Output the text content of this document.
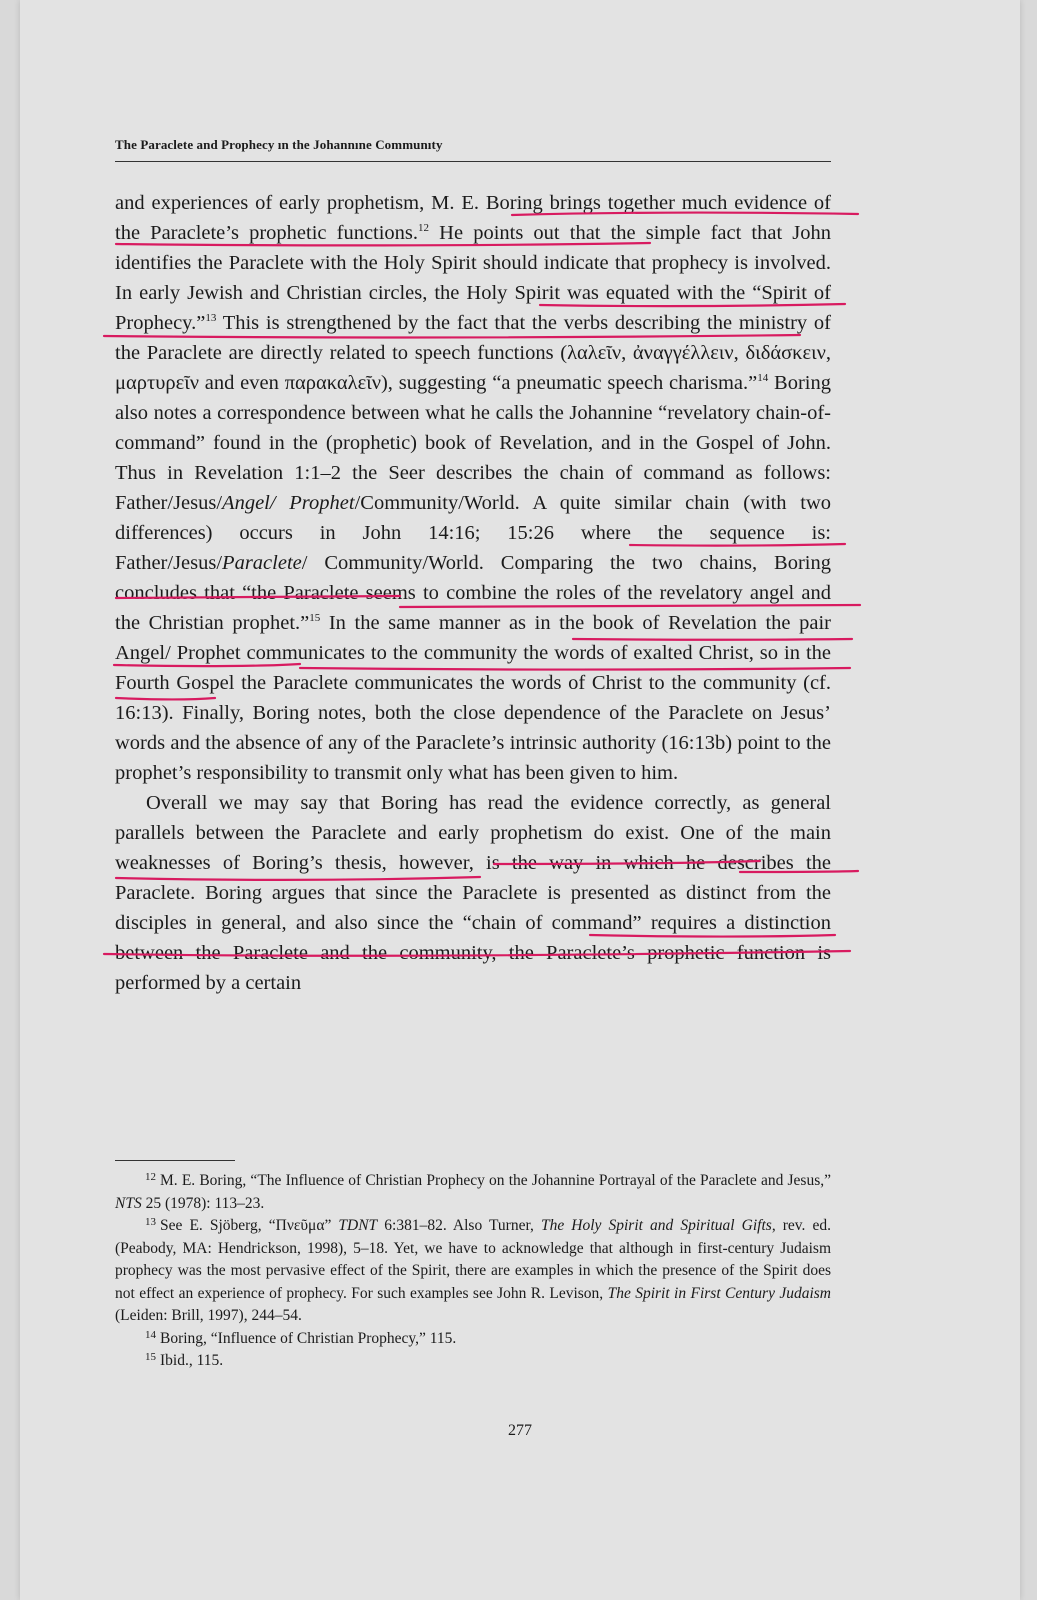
The Paraclete and Prophecy ın the Johannıne Communıty

and experiences of early prophetism, M. E. Boring brings together much evidence of the Paraclete’s prophetic functions.$^{12}$ He points out that the simple fact that John identifies the Paraclete with the Holy Spirit should indicate that prophecy is involved. In early Jewish and Christian circles, the Holy Spirit was equated with the “Spirit of Prophecy.”$^{13}$ This is strengthened by the fact that the verbs describing the ministry of the Paraclete are directly related to speech functions (λαλεῖν, ἀναγγέλλειν, διδάσκειν, μαρτυρεῖν and even παρακαλεῖν), suggesting “a pneumatic speech charisma.”$^{14}$ Boring also notes a correspondence between what he calls the Johannine “revelatory chain-of-command” found in the (prophetic) book of Revelation, and in the Gospel of John. Thus in Revelation 1:1–2 the Seer describes the chain of command as follows: Father/Jesus/Angel/ Prophet/Community/World. A quite similar chain (with two differences) occurs in John 14:16; 15:26 where the sequence is: Father/Jesus/Paraclete/ Community/World. Comparing the two chains, Boring concludes that “the Paraclete seems to combine the roles of the revelatory angel and the Christian prophet.”$^{15}$ In the same manner as in the book of Revelation the pair Angel/ Prophet communicates to the community the words of exalted Christ, so in the Fourth Gospel the Paraclete communicates the words of Christ to the community (cf. 16:13). Finally, Boring notes, both the close dependence of the Paraclete on Jesus’ words and the absence of any of the Paraclete’s intrinsic authority (16:13b) point to the prophet’s responsibility to transmit only what has been given to him.

Overall we may say that Boring has read the evidence correctly, as general parallels between the Paraclete and early prophetism do exist. One of the main weaknesses of Boring’s thesis, however, is the way in which he describes the Paraclete. Boring argues that since the Paraclete is presented as distinct from the disciples in general, and also since the “chain of command” requires a distinction between the Paraclete and the community, the Paraclete’s prophetic function is performed by a certain

$^{12}$ M. E. Boring, “The Influence of Christian Prophecy on the Johannine Portrayal of the Paraclete and Jesus,” NTS 25 (1978): 113–23.

$^{13}$ See E. Sjöberg, “Πνεῦμα” TDNT 6:381–82. Also Turner, The Holy Spirit and Spiritual Gifts, rev. ed. (Peabody, MA: Hendrickson, 1998), 5–18. Yet, we have to acknowledge that although in first-century Judaism prophecy was the most pervasive effect of the Spirit, there are examples in which the presence of the Spirit does not effect an experience of prophecy. For such examples see John R. Levison, The Spirit in First Century Judaism (Leiden: Brill, 1997), 244–54.

$^{14}$ Boring, “Influence of Christian Prophecy,” 115.

$^{15}$ Ibid., 115.

277
